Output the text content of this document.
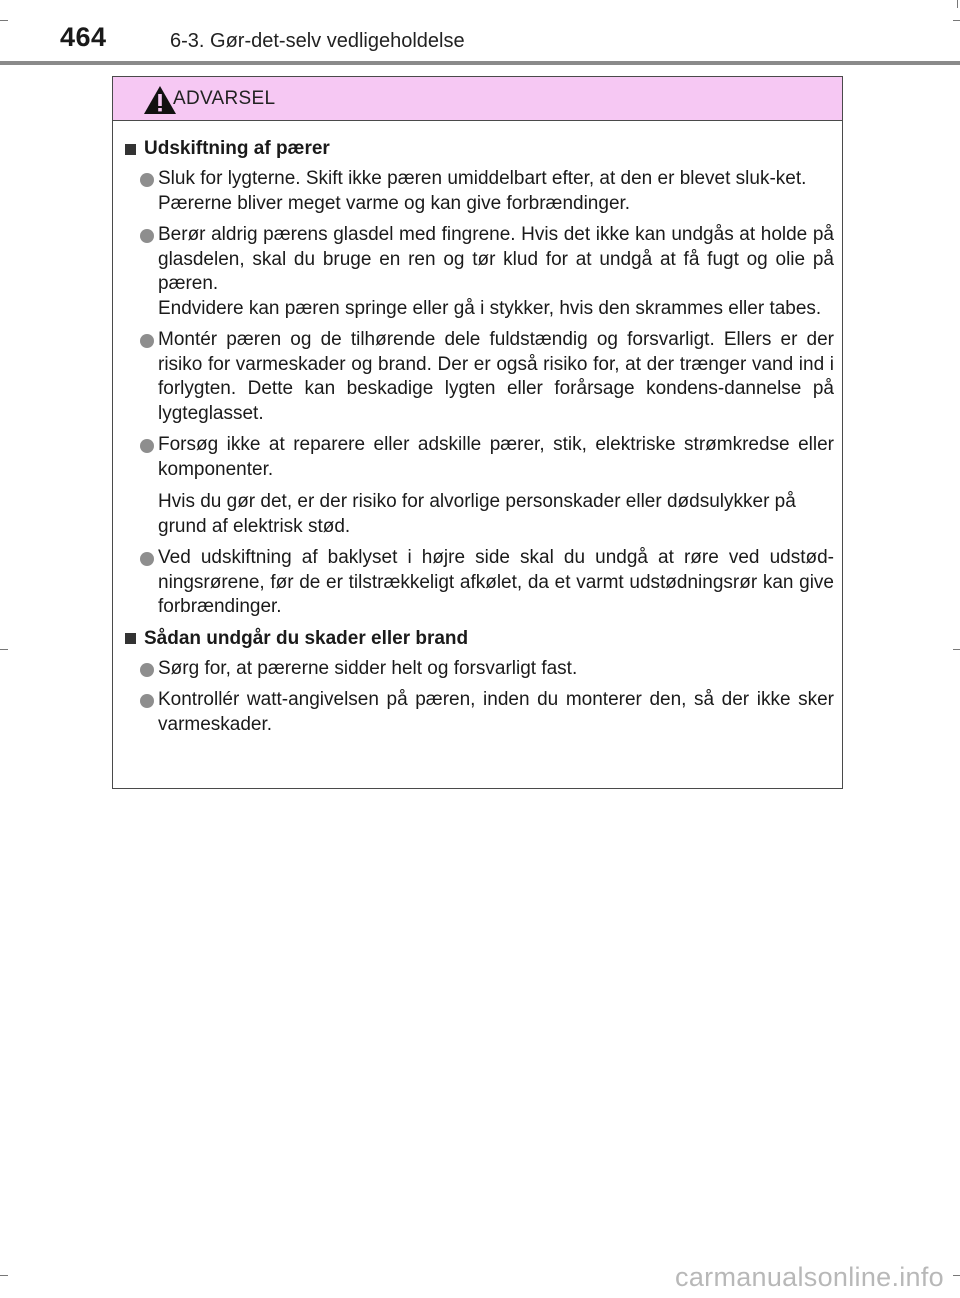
464	6-3. Gør-det-selv vedligeholdelse
ADVARSEL
Udskiftning af pærer

Sluk for lygterne. Skift ikke pæren umiddelbart efter, at den er blevet sluk-ket.

Pærerne bliver meget varme og kan give forbrændinger.

Berør aldrig pærens glasdel med fingrene. Hvis det ikke kan undgås at holde på glasdelen, skal du bruge en ren og tør klud for at undgå at få fugt og olie på pæren.

Endvidere kan pæren springe eller gå i stykker, hvis den skrammes eller tabes.

Montér pæren og de tilhørende dele fuldstændig og forsvarligt. Ellers er der risiko for varmeskader og brand. Der er også risiko for, at der trænger vand ind i forlygten. Dette kan beskadige lygten eller forårsage kondens-dannelse på lygteglasset.

Forsøg ikke at reparere eller adskille pærer, stik, elektriske strømkredse eller komponenter.

Hvis du gør det, er der risiko for alvorlige personskader eller dødsulykker på grund af elektrisk stød.

Ved udskiftning af baklyset i højre side skal du undgå at røre ved udstød-ningsrørene, før de er tilstrækkeligt afkølet, da et varmt udstødningsrør kan give forbrændinger.

Sådan undgår du skader eller brand

Sørg for, at pærerne sidder helt og forsvarligt fast.

Kontrollér watt-angivelsen på pæren, inden du monterer den, så der ikke sker varmeskader.

carmanualsonline.info
